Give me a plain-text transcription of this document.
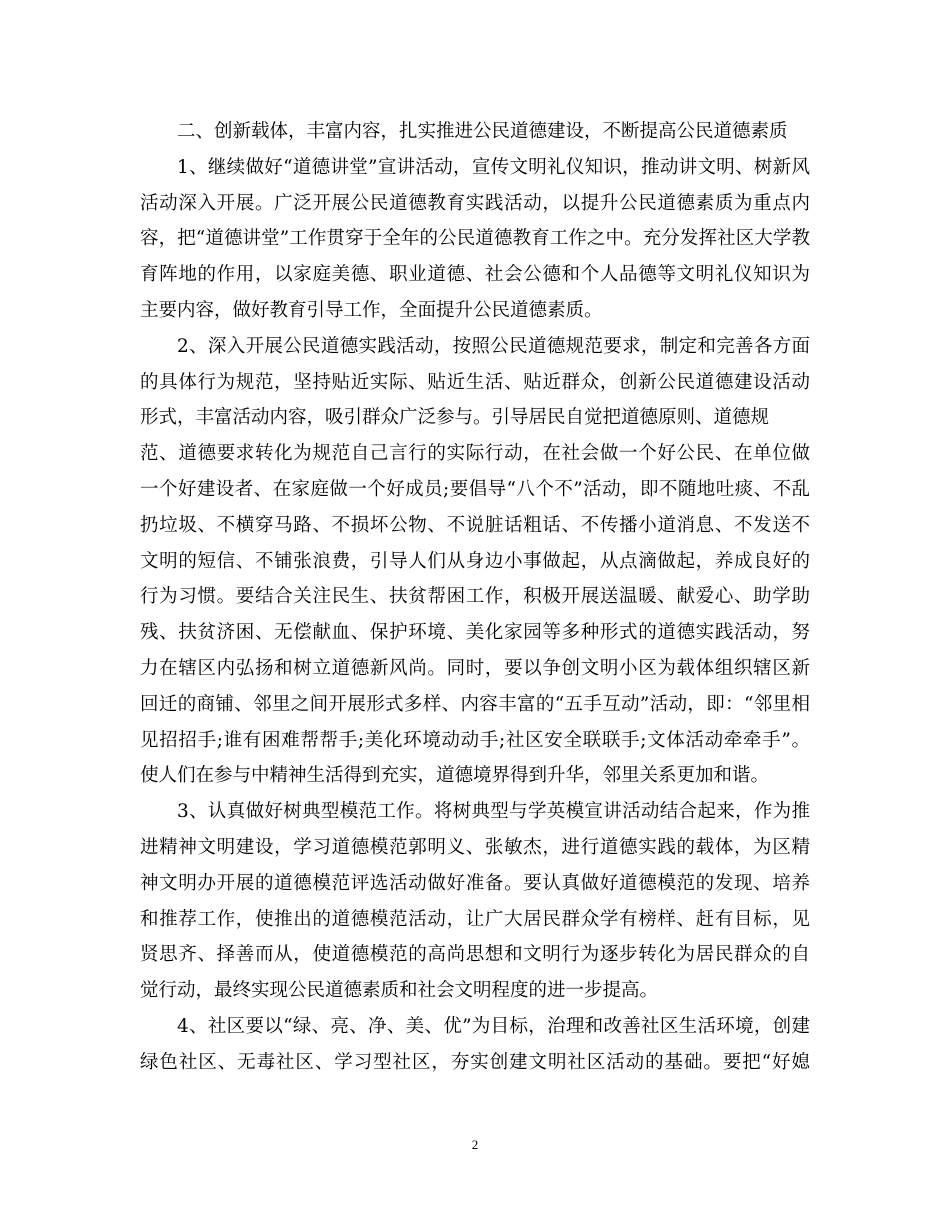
二、创新载体，丰富内容，扎实推进公民道德建设，不断提高公民道德素质
1、继续做好“道德讲堂”宣讲活动，宣传文明礼仪知识，推动讲文明、树新风
活动深入开展。广泛开展公民道德教育实践活动，以提升公民道德素质为重点内
容，把“道德讲堂”工作贯穿于全年的公民道德教育工作之中。充分发挥社区大学教
育阵地的作用，以家庭美德、职业道德、社会公德和个人品德等文明礼仪知识为
主要内容，做好教育引导工作，全面提升公民道德素质。
2、深入开展公民道德实践活动，按照公民道德规范要求，制定和完善各方面
的具体行为规范，坚持贴近实际、贴近生活、贴近群众，创新公民道德建设活动
形式，丰富活动内容，吸引群众广泛参与。引导居民自觉把道德原则、道德规
范、道德要求转化为规范自己言行的实际行动，在社会做一个好公民、在单位做
一个好建设者、在家庭做一个好成员;要倡导“八个不”活动，即不随地吐痰、不乱
扔垃圾、不横穿马路、不损坏公物、不说脏话粗话、不传播小道消息、不发送不
文明的短信、不铺张浪费，引导人们从身边小事做起，从点滴做起，养成良好的
行为习惯。要结合关注民生、扶贫帮困工作，积极开展送温暖、献爱心、助学助
残、扶贫济困、无偿献血、保护环境、美化家园等多种形式的道德实践活动，努
力在辖区内弘扬和树立道德新风尚。同时，要以争创文明小区为载体组织辖区新
回迁的商铺、邻里之间开展形式多样、内容丰富的“五手互动”活动，即：“邻里相
见招招手;谁有困难帮帮手;美化环境动动手;社区安全联联手;文体活动牵牵手”。
使人们在参与中精神生活得到充实，道德境界得到升华，邻里关系更加和谐。
3、认真做好树典型模范工作。将树典型与学英模宣讲活动结合起来，作为推
进精神文明建设，学习道德模范郭明义、张敏杰，进行道德实践的载体，为区精
神文明办开展的道德模范评选活动做好准备。要认真做好道德模范的发现、培养
和推荐工作，使推出的道德模范活动，让广大居民群众学有榜样、赶有目标，见
贤思齐、择善而从，使道德模范的高尚思想和文明行为逐步转化为居民群众的自
觉行动，最终实现公民道德素质和社会文明程度的进一步提高。
4、社区要以“绿、亮、净、美、优”为目标，治理和改善社区生活环境，创建
绿色社区、无毒社区、学习型社区，夯实创建文明社区活动的基础。要把“好媳
2
